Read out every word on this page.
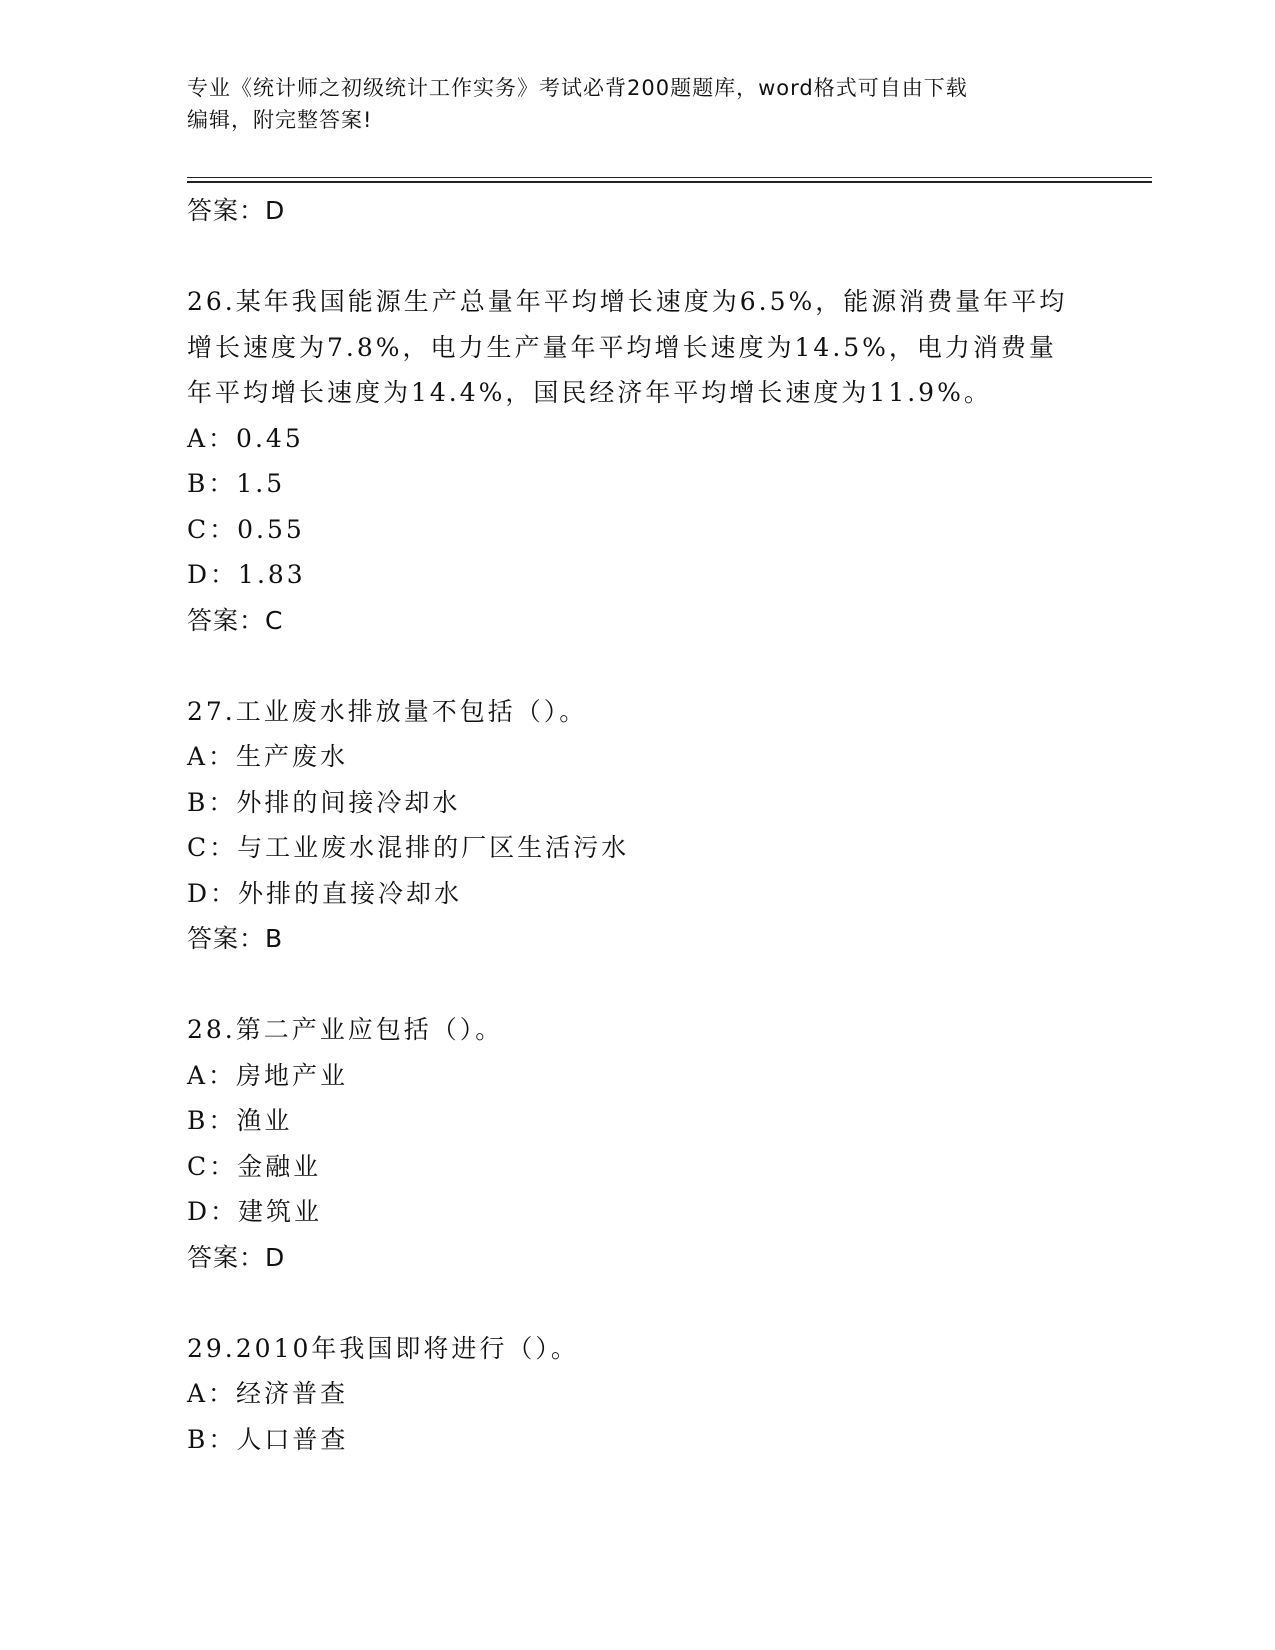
专业《统计师之初级统计工作实务》考试必背200题题库，word格式可自由下载
编辑，附完整答案!
答案：D
26.某年我国能源生产总量年平均增长速度为6.5%，能源消费量年平均
增长速度为7.8%，电力生产量年平均增长速度为14.5%，电力消费量
年平均增长速度为14.4%，国民经济年平均增长速度为11.9%。
A：0.45
B：1.5
C：0.55
D：1.83
答案：C
27.工业废水排放量不包括（）。
A：生产废水
B：外排的间接冷却水
C：与工业废水混排的厂区生活污水
D：外排的直接冷却水
答案：B
28.第二产业应包括（）。
A：房地产业
B：渔业
C：金融业
D：建筑业
答案：D
29.2010年我国即将进行（）。
A：经济普查
B：人口普查
